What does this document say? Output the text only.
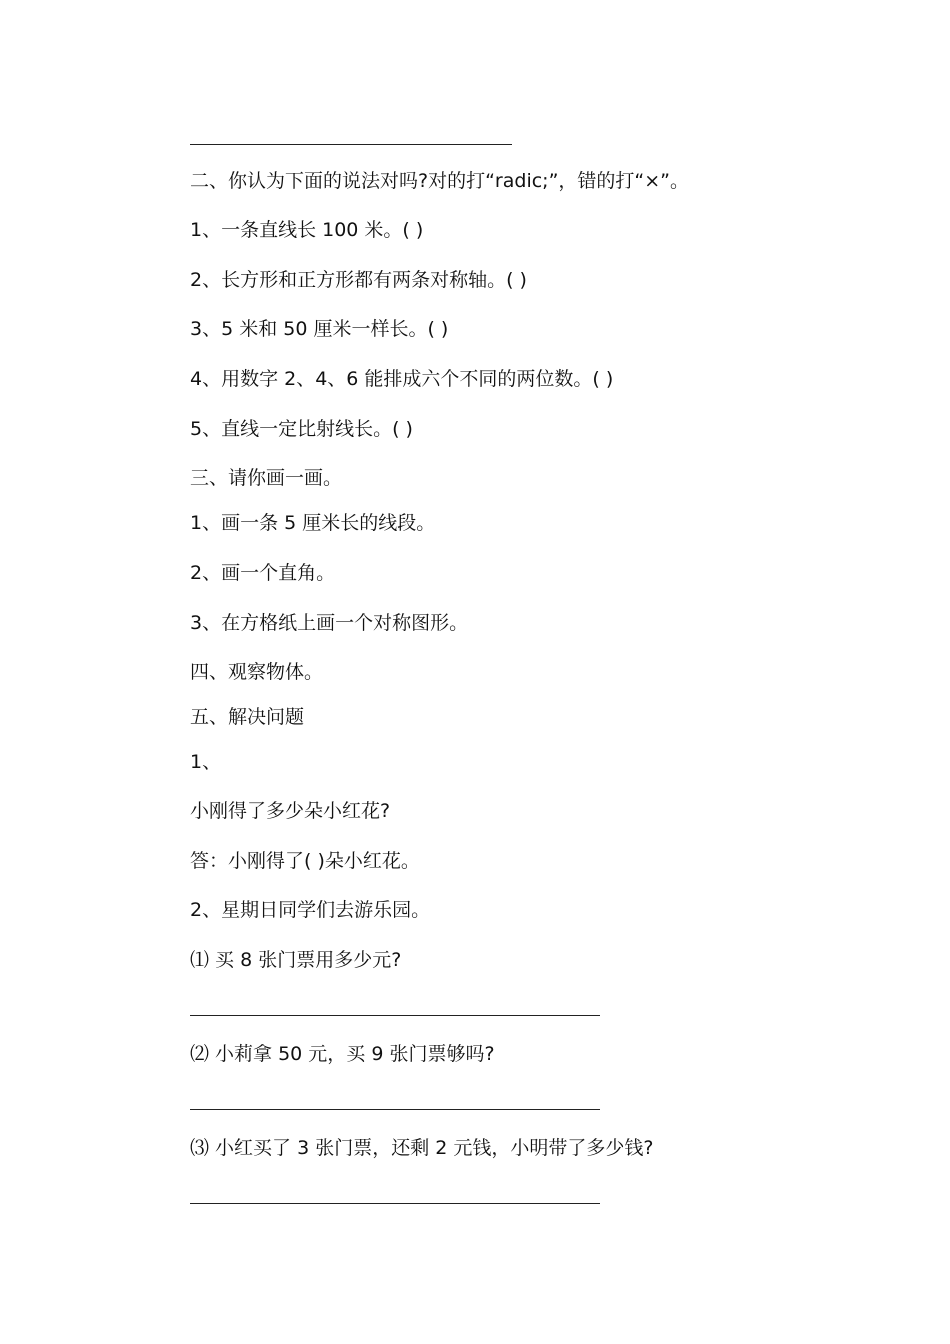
二、你认为下面的说法对吗?对的打“radic;”，错的打“×”。
1、一条直线长 100 米。( )
2、长方形和正方形都有两条对称轴。( )
3、5 米和 50 厘米一样长。( )
4、用数字 2、4、6 能排成六个不同的两位数。( )
5、直线一定比射线长。( )
三、请你画一画。
1、画一条 5 厘米长的线段。
2、画一个直角。
3、在方格纸上画一个对称图形。
四、观察物体。
五、解决问题
1、
小刚得了多少朵小红花?
答：小刚得了( )朵小红花。
2、星期日同学们去游乐园。
⑴ 买 8 张门票用多少元?
⑵ 小莉拿 50 元，买 9 张门票够吗?
⑶ 小红买了 3 张门票，还剩 2 元钱，小明带了多少钱?
